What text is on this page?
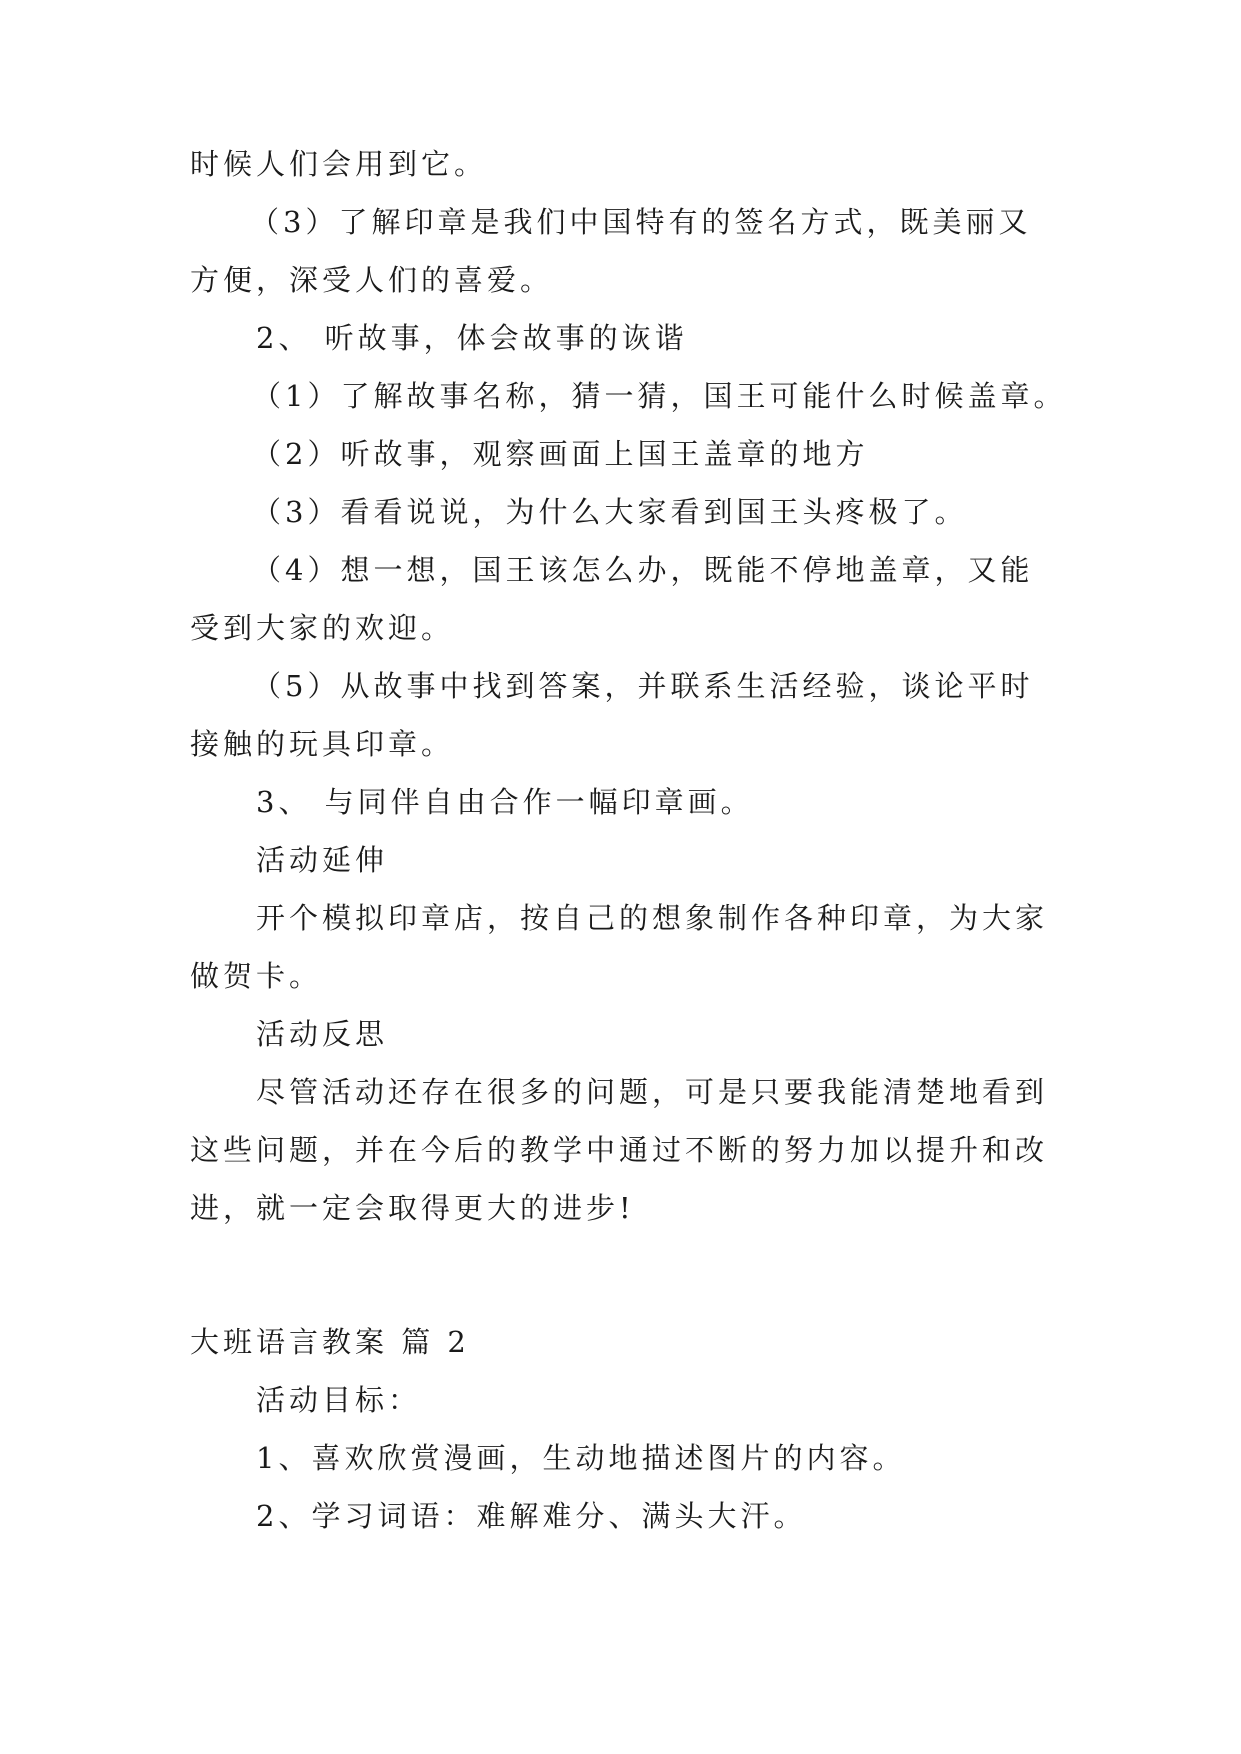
时候人们会用到它。
（3）了解印章是我们中国特有的签名方式，既美丽又
方便，深受人们的喜爱。
2、 听故事，体会故事的诙谐
（1）了解故事名称，猜一猜，国王可能什么时候盖章。
（2）听故事，观察画面上国王盖章的地方
（3）看看说说，为什么大家看到国王头疼极了。
（4）想一想，国王该怎么办，既能不停地盖章，又能
受到大家的欢迎。
（5）从故事中找到答案，并联系生活经验，谈论平时
接触的玩具印章。
3、 与同伴自由合作一幅印章画。
活动延伸
开个模拟印章店，按自己的想象制作各种印章，为大家
做贺卡。
活动反思
尽管活动还存在很多的问题，可是只要我能清楚地看到
这些问题，并在今后的教学中通过不断的努力加以提升和改
进，就一定会取得更大的进步!
大班语言教案 篇 2
活动目标：
1、喜欢欣赏漫画，生动地描述图片的内容。
2、学习词语：难解难分、满头大汗。
